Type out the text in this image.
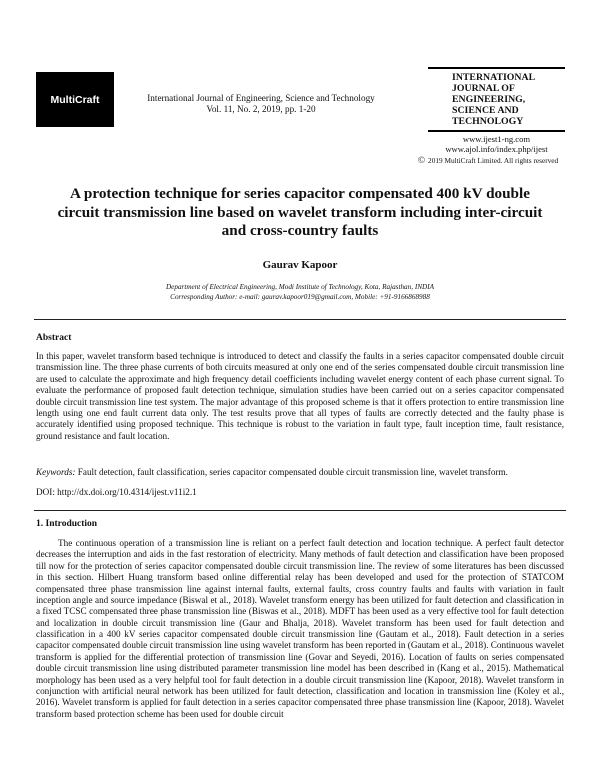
MultiCraft	International Journal of Engineering, Science and Technology
Vol. 11, No. 2, 2019, pp. 1-20
INTERNATIONAL
JOURNAL OF
ENGINEERING,
SCIENCE AND
TECHNOLOGY
www.ijest1-ng.com
www.ajol.info/index.php/ijest
© 2019 MultiCraft Limited. All rights reserved
A protection technique for series capacitor compensated 400 kV double
circuit transmission line based on wavelet transform including inter-circuit
and cross-country faults
Gaurav Kapoor
Department of Electrical Engineering, Modi Institute of Technology, Kota, Rajasthan, INDIA
Corresponding Author: e-mail: gaurav.kapoor019@gmail.com, Mobile: +91-9166868988
Abstract
In this paper, wavelet transform based technique is introduced to detect and classify the faults in a series capacitor compensated double circuit transmission line. The three phase currents of both circuits measured at only one end of the series compensated double circuit transmission line are used to calculate the approximate and high frequency detail coefficients including wavelet energy content of each phase current signal. To evaluate the performance of proposed fault detection technique, simulation studies have been carried out on a series capacitor compensated double circuit transmission line test system. The major advantage of this proposed scheme is that it offers protection to entire transmission line length using one end fault current data only. The test results prove that all types of faults are correctly detected and the faulty phase is accurately identified using proposed technique. This technique is robust to the variation in fault type, fault inception time, fault resistance, ground resistance and fault location.
Keywords: Fault detection, fault classification, series capacitor compensated double circuit transmission line, wavelet transform.
DOI: http://dx.doi.org/10.4314/ijest.v11i2.1
1. Introduction
The continuous operation of a transmission line is reliant on a perfect fault detection and location technique. A perfect fault detector decreases the interruption and aids in the fast restoration of electricity. Many methods of fault detection and classification have been proposed till now for the protection of series capacitor compensated double circuit transmission line. The review of some literatures has been discussed in this section. Hilbert Huang transform based online differential relay has been developed and used for the protection of STATCOM compensated three phase transmission line against internal faults, external faults, cross country faults and faults with variation in fault inception angle and source impedance (Biswal et al., 2018). Wavelet transform energy has been utilized for fault detection and classification in a fixed TCSC compensated three phase transmission line (Biswas et al., 2018). MDFT has been used as a very effective tool for fault detection and localization in double circuit transmission line (Gaur and Bhalja, 2018). Wavelet transform has been used for fault detection and classification in a 400 kV series capacitor compensated double circuit transmission line (Gautam et al., 2018). Fault detection in a series capacitor compensated double circuit transmission line using wavelet transform has been reported in (Gautam et al., 2018). Continuous wavelet transform is applied for the differential protection of transmission line (Govar and Seyedi, 2016). Location of faults on series compensated double circuit transmission line using distributed parameter transmission line model has been described in (Kang et al., 2015). Mathematical morphology has been used as a very helpful tool for fault detection in a double circuit transmission line (Kapoor, 2018). Wavelet transform in conjunction with artificial neural network has been utilized for fault detection, classification and location in transmission line (Koley et al., 2016). Wavelet transform is applied for fault detection in a series capacitor compensated three phase transmission line (Kapoor, 2018). Wavelet transform based protection scheme has been used for double circuit
